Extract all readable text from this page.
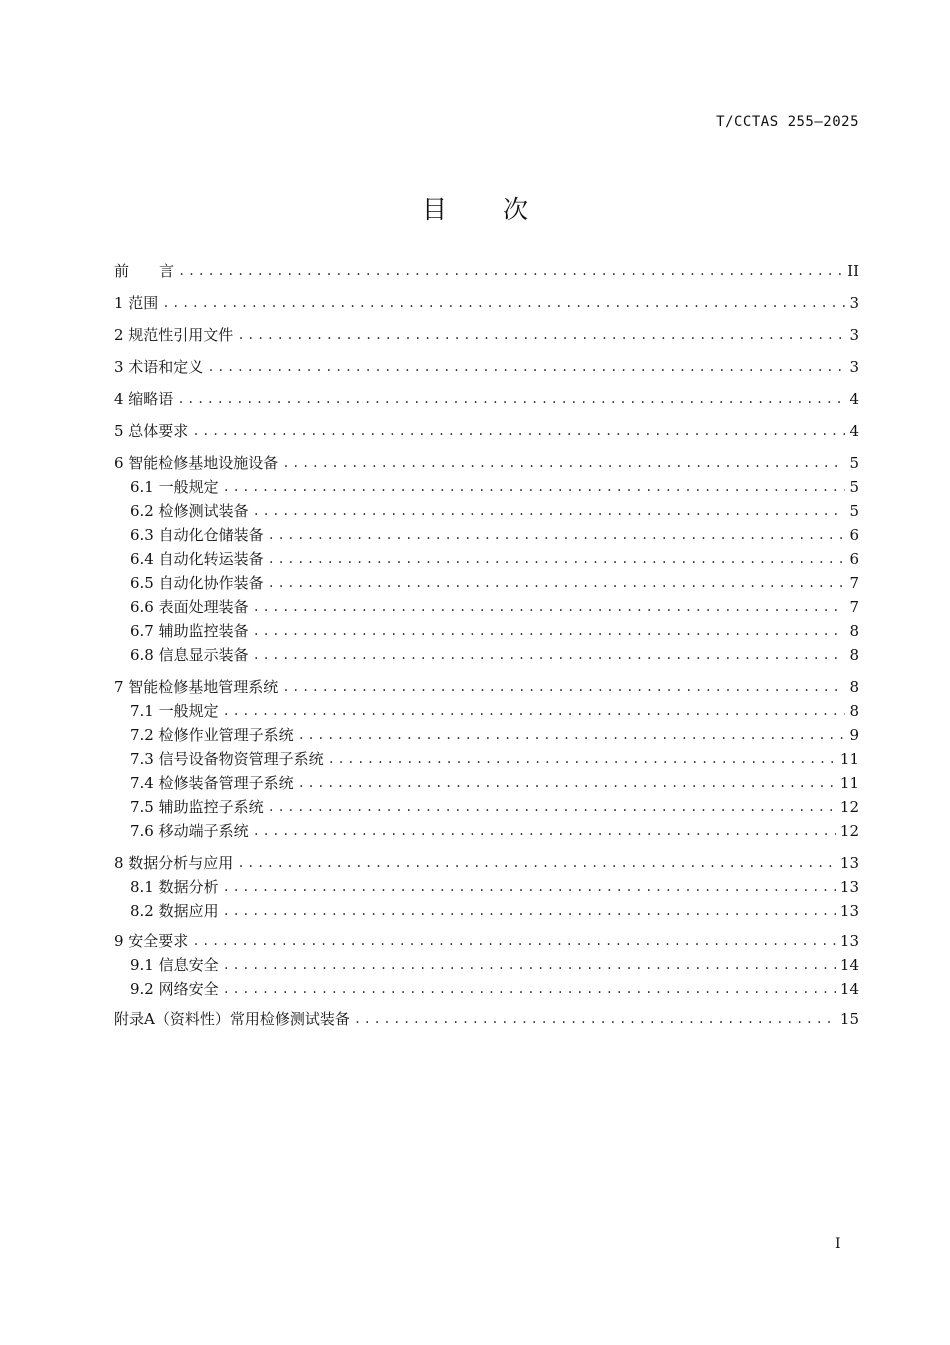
T/CCTAS 255—2025
目次
前　　言 .....	II
1 范围 .....	3
2 规范性引用文件 .....	3
3 术语和定义 .....	3
4 缩略语 .....	4
5 总体要求 .....	4
6 智能检修基地设施设备 .....	5
6.1 一般规定 .....	5
6.2 检修测试装备 .....	5
6.3 自动化仓储装备 .....	6
6.4 自动化转运装备 .....	6
6.5 自动化协作装备 .....	7
6.6 表面处理装备 .....	7
6.7 辅助监控装备 .....	8
6.8 信息显示装备 .....	8
7 智能检修基地管理系统 .....	8
7.1 一般规定 .....	8
7.2 检修作业管理子系统 .....	9
7.3 信号设备物资管理子系统 .....	11
7.4 检修装备管理子系统 .....	11
7.5 辅助监控子系统 .....	12
7.6 移动端子系统 .....	12
8 数据分析与应用 .....	13
8.1 数据分析 .....	13
8.2 数据应用 .....	13
9 安全要求 .....	13
9.1 信息安全 .....	14
9.2 网络安全 .....	14
附录A（资料性）常用检修测试装备 .....	15
I
